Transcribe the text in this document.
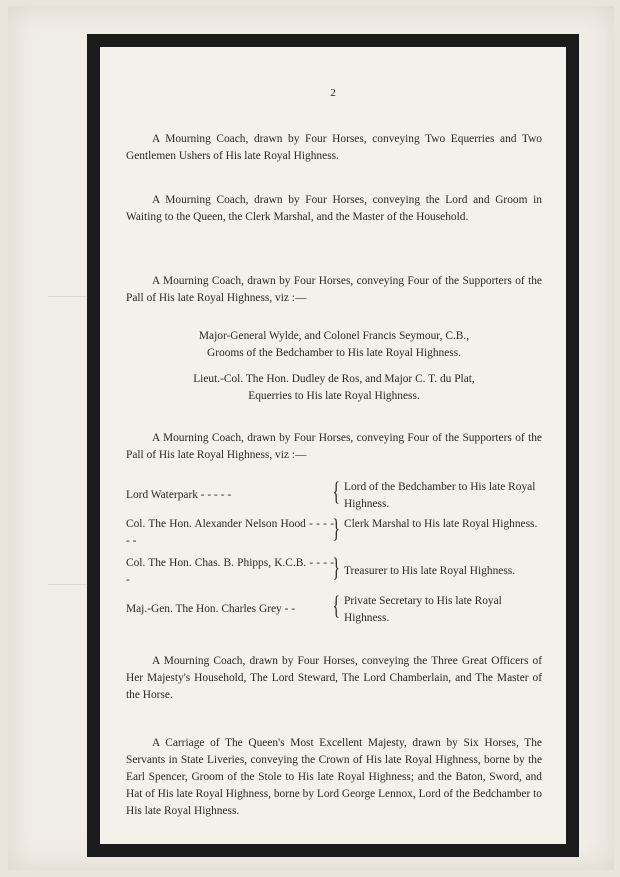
2
A Mourning Coach, drawn by Four Horses, conveying Two Equerries and Two Gentlemen Ushers of His late Royal Highness.
A Mourning Coach, drawn by Four Horses, conveying the Lord and Groom in Waiting to the Queen, the Clerk Marshal, and the Master of the Household.
A Mourning Coach, drawn by Four Horses, conveying Four of the Supporters of the Pall of His late Royal Highness, viz :—
Major-General Wylde, and Colonel Francis Seymour, C.B.,
Grooms of the Bedchamber to His late Royal Highness.
Lieut.-Col. The Hon. Dudley de Ros, and Major C. T. du Plat,
Equerries to His late Royal Highness.
A Mourning Coach, drawn by Four Horses, conveying Four of the Supporters of the Pall of His late Royal Highness, viz :—
Lord Waterpark - - - - -	{ Lord of the Bedchamber to His late Royal Highness.
Col. The Hon. Alexander Nelson Hood - - - - - -	} Clerk Marshal to His late Royal Highness.
Col. The Hon. Chas. B. Phipps, K.C.B. - - - - -	} Treasurer to His late Royal Highness.
Maj.-Gen. The Hon. Charles Grey - -	{ Private Secretary to His late Royal Highness.
A Mourning Coach, drawn by Four Horses, conveying the Three Great Officers of Her Majesty's Household, The Lord Steward, The Lord Chamberlain, and The Master of the Horse.
A Carriage of The Queen's Most Excellent Majesty, drawn by Six Horses, The Servants in State Liveries, conveying the Crown of His late Royal Highness, borne by the Earl Spencer, Groom of the Stole to His late Royal Highness; and the Baton, Sword, and Hat of His late Royal Highness, borne by Lord George Lennox, Lord of the Bedchamber to His late Royal Highness.
